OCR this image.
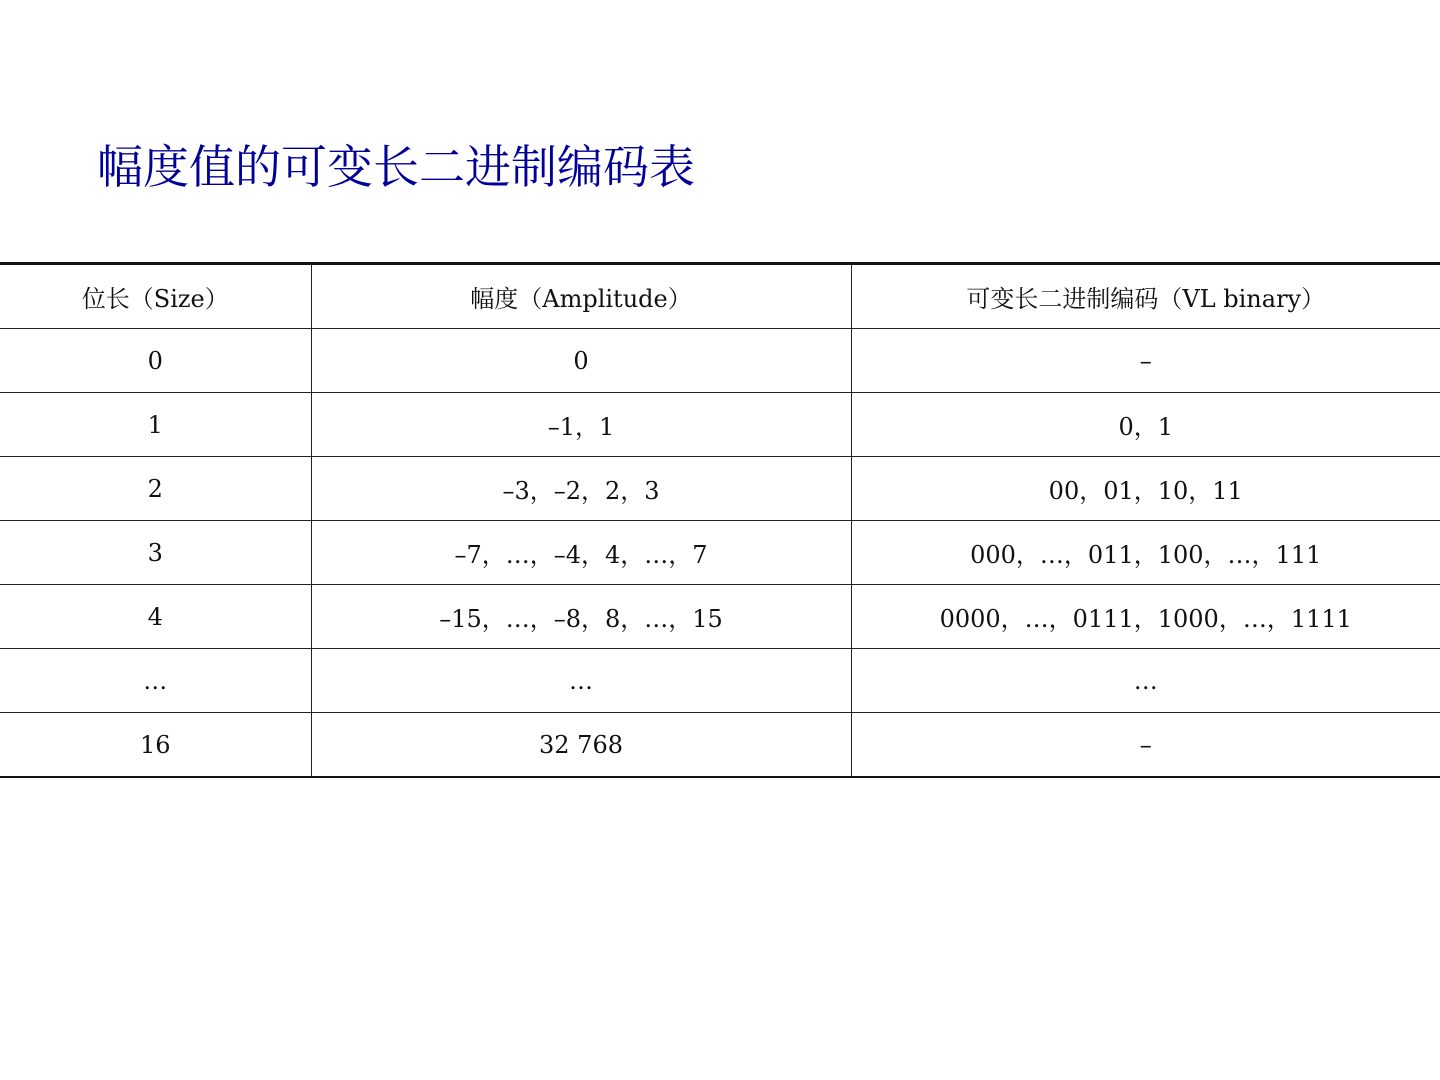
幅度值的可变长二进制编码表
位长（Size）	幅度（Amplitude）	可变长二进制编码（VL binary）
0	0	–
1	–1，1	0，1
2	–3，–2，2，3	00，01，10，11
3	–7，…，–4，4，…，7	000，…，011，100，…，111
4	–15，…，–8，8，…，15	0000，…，0111，1000，…，1111
…	…	…
16	32 768	–
